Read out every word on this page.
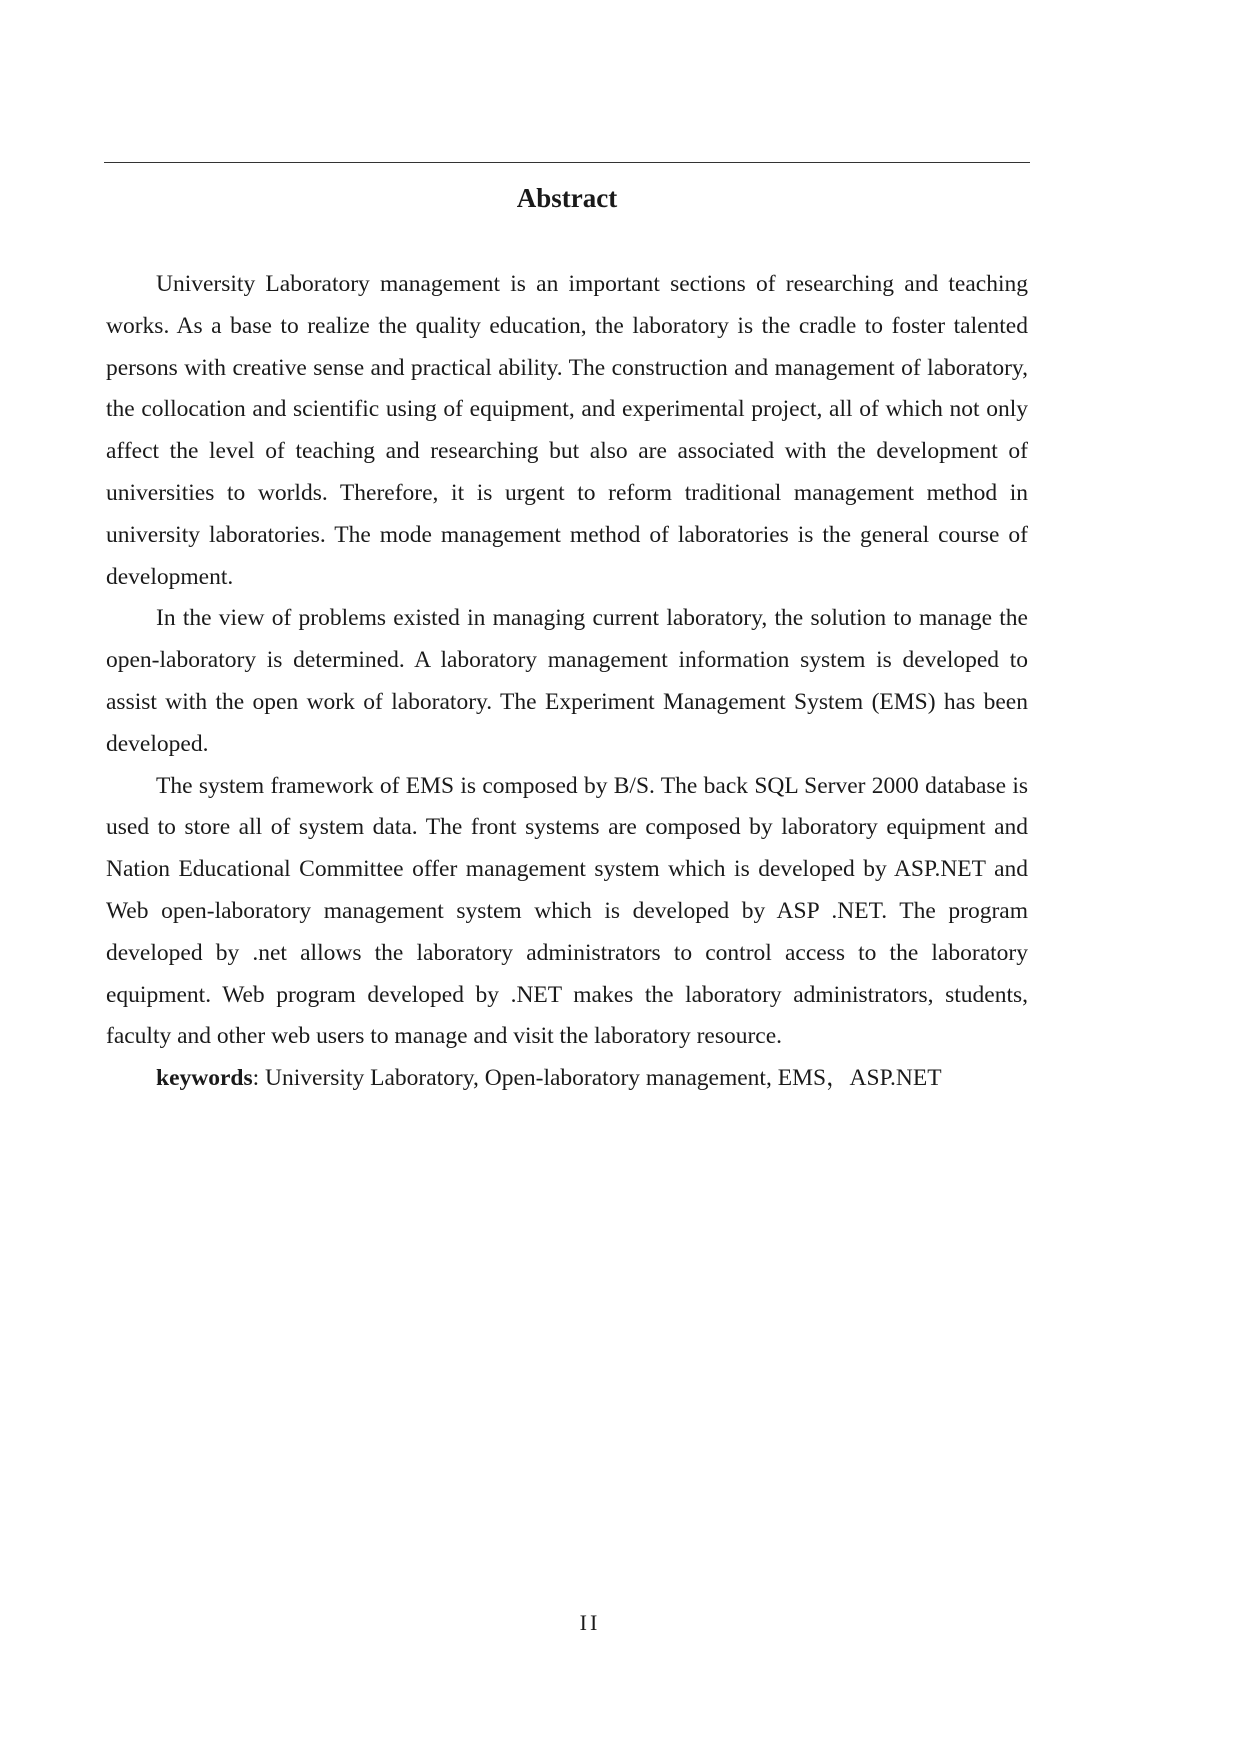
Abstract

University Laboratory management is an important sections of researching and teaching works. As a base to realize the quality education, the laboratory is the cradle to foster talented persons with creative sense and practical ability. The construction and management of laboratory, the collocation and scientific using of equipment, and experimental project, all of which not only affect the level of teaching and researching but also are associated with the development of universities to worlds. Therefore, it is urgent to reform traditional management method in university laboratories. The mode management method of laboratories is the general course of development.

In the view of problems existed in managing current laboratory, the solution to manage the open-laboratory is determined. A laboratory management information system is developed to assist with the open work of laboratory. The Experiment Management System (EMS) has been developed.

The system framework of EMS is composed by B/S. The back SQL Server 2000 database is used to store all of system data. The front systems are composed by laboratory equipment and Nation Educational Committee offer management system which is developed by ASP.NET and Web open-laboratory management system which is developed by ASP .NET. The program developed by .net allows the laboratory administrators to control access to the laboratory equipment. Web program developed by .NET makes the laboratory administrators, students, faculty and other web users to manage and visit the laboratory resource.

keywords: University Laboratory, Open-laboratory management, EMS，ASP.NET

II
